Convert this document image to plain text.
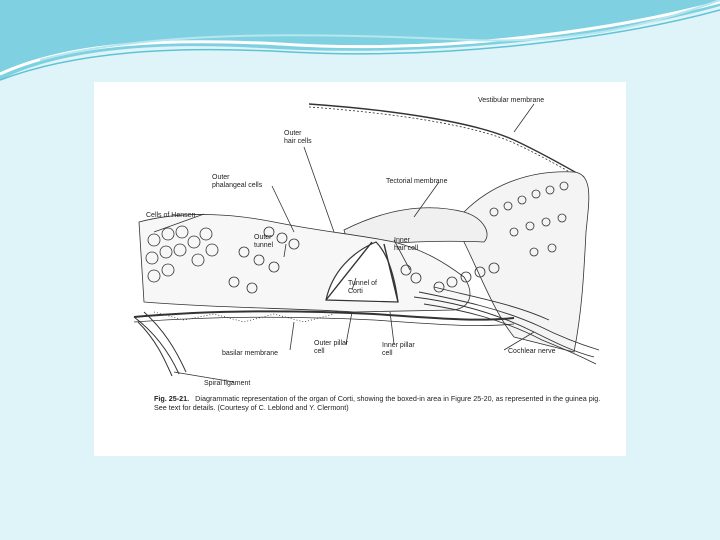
Vestibular membrane
Outer
hair cells
Outer
phalangeal cells
Tectorial membrane
Cells of Hensen
Outer
tunnel
Inner
hair cell
Tunnel of
Corti
basilar membrane
Outer pillar
cell
Inner pillar
cell	Cochlear nerve
Spiral ligament
Fig. 25-21. Diagrammatic representation of the organ of Corti, showing the boxed-in area in Figure 25-20, as represented in the guinea pig. See text for details. (Courtesy of C. Leblond and Y. Clermont)
